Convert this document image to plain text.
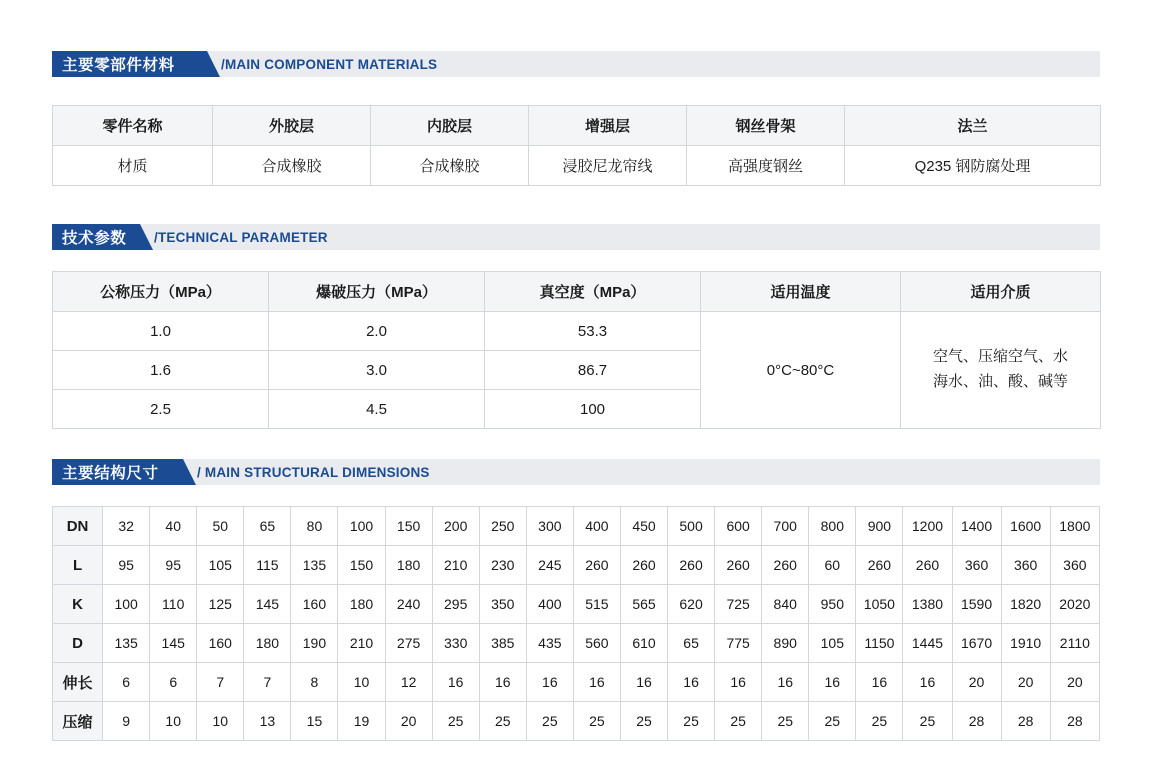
主要零部件材料	/MAIN COMPONENT MATERIALS
零件名称	外胶层	内胶层	增强层	钢丝骨架	法兰
材质	合成橡胶	合成橡胶	浸胶尼龙帘线	高强度钢丝	Q235 钢防腐处理
技术参数 /TECHNICAL PARAMETER
公称压力（MPa）	爆破压力（MPa）	真空度（MPa）	适用温度	适用介质
1.0	2.0	53.3	0°C~80°C	空气、压缩空气、水
海水、油、酸、碱等

1.6	3.0	86.7		
2.5	4.5	100		
主要结构尺寸	/ MAIN STRUCTURAL DIMENSIONS
DN	32	40	50	65	80	100	150	200	250	300	400	450	500	600	700	800	900	1200	1400	1600	1800
L	95	95	105	115	135	150	180	210	230	245	260	260	260	260	260	60	260	260	360	360	360
K	100	110	125	145	160	180	240	295	350	400	515	565	620	725	840	950	1050	1380	1590	1820	2020
D	135	145	160	180	190	210	275	330	385	435	560	610	65	775	890	105	1150	1445	1670	1910	2110
伸长	6	6	7	7	8	10	12	16	16	16	16	16	16	16	16	16	16	16	20	20	20
压缩	9	10	10	13	15	19	20	25	25	25	25	25	25	25	25	25	25	25	28	28	28
